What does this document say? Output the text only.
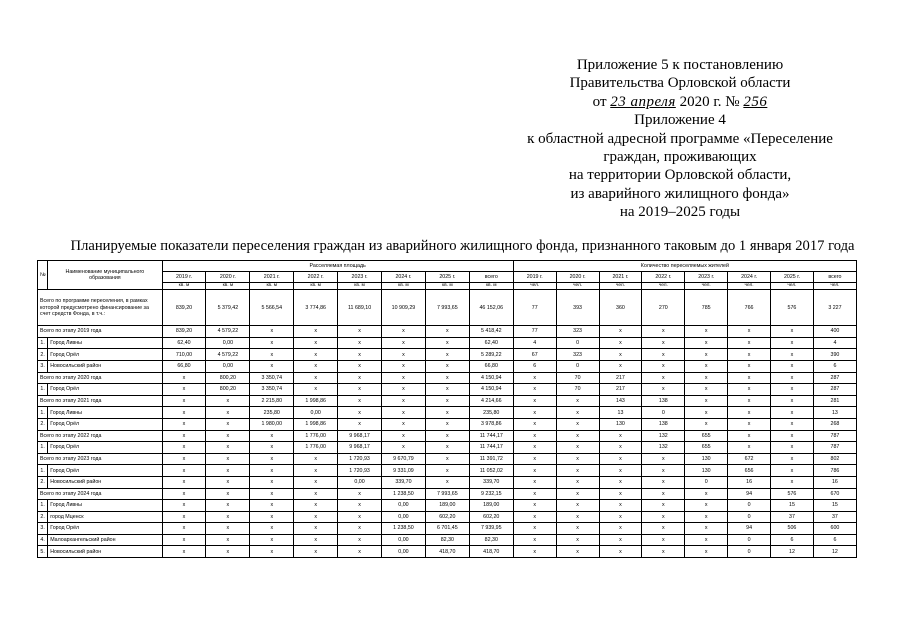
Приложение 5 к постановлению
Правительства Орловской области
от 23 апреля 2020 г. № 256
Приложение 4
к областной адресной программе «Переселение
граждан, проживающих
на территории Орловской области,
из аварийного жилищного фонда»
на 2019–2025 годы
Планируемые показатели переселения граждан из аварийного жилищного фонда, признанного таковым до 1 января 2017 года
№	Наименование муниципального образования	Расселяемая площадь								Количество переселяемых жителей							
		2019 г.	2020 г.	2021 г.	2022 г.	2023 г.	2024 г.	2025 г.	всего	2019 г.	2020 г.	2021 г.	2022 г.	2023 г.	2024 г.	2025 г.	всего
		кв. м	кв. м	кв. м	кв. м	кв. м	кв. м	кв. м	кв. м	чел.	чел.	чел.	чел.	чел.	чел.	чел.	чел.
Всего по программе переселения, в рамках которой предусмотрено финансирование за счет средств Фонда, в т.ч.:		839,20	5 379,42	5 566,54	3 774,86	11 689,10	10 909,29	7 993,65	46 152,06	77	393	360	270	785	766	576	3 227
Всего по этапу 2019 года		839,20	4 579,22	x	x	x	x	x	5 418,42	77	323	x	x	x	x	x	400
1.	Город Ливны	62,40	0,00	x	x	x	x	x	62,40	4	0	x	x	x	x	x	4
2.	Город Орёл	710,00	4 579,22	x	x	x	x	x	5 289,22	67	323	x	x	x	x	x	390
3.	Новосильский район	66,80	0,00	x	x	x	x	x	66,80	6	0	x	x	x	x	x	6
Всего по этапу 2020 года		x	800,20	3 350,74	x	x	x	x	4 150,94	x	70	217	x	x	x	x	287
1.	Город Орёл	x	800,20	3 350,74	x	x	x	x	4 150,94	x	70	217	x	x	x	x	287
Всего по этапу 2021 года		x	x	2 215,80	1 998,86	x	x	x	4 214,66	x	x	143	138	x	x	x	281
1.	Город Ливны	x	x	235,80	0,00	x	x	x	235,80	x	x	13	0	x	x	x	13
2.	Город Орёл	x	x	1 980,00	1 998,86	x	x	x	3 978,86	x	x	130	138	x	x	x	268
Всего по этапу 2022 года		x	x	x	1 776,00	9 968,17	x	x	11 744,17	x	x	x	132	655	x	x	787
1.	Город Орёл	x	x	x	1 776,00	9 968,17	x	x	11 744,17	x	x	x	132	655	x	x	787
Всего по этапу 2023 года		x	x	x	x	1 720,93	9 670,79	x	11 391,72	x	x	x	x	130	672	x	802
1.	Город Орёл	x	x	x	x	1 720,93	9 331,09	x	11 052,02	x	x	x	x	130	656	x	786
2.	Новосильский район	x	x	x	x	0,00	339,70	x	339,70	x	x	x	x	0	16	x	16
Всего по этапу 2024 года		x	x	x	x	x	1 238,50	7 993,65	9 232,15	x	x	x	x	x	94	576	670
1.	Город Ливны	x	x	x	x	x	0,00	189,00	189,00	x	x	x	x	x	0	15	15
2.	город Мценск	x	x	x	x	x	0,00	602,20	602,20	x	x	x	x	x	0	37	37
3.	Город Орёл	x	x	x	x	x	1 238,50	6 701,45	7 939,95	x	x	x	x	x	94	506	600
4.	Малоархангельский район	x	x	x	x	x	0,00	82,30	82,30	x	x	x	x	x	0	6	6
5.	Новосильский район	x	x	x	x	x	0,00	418,70	418,70	x	x	x	x	x	0	12	12
